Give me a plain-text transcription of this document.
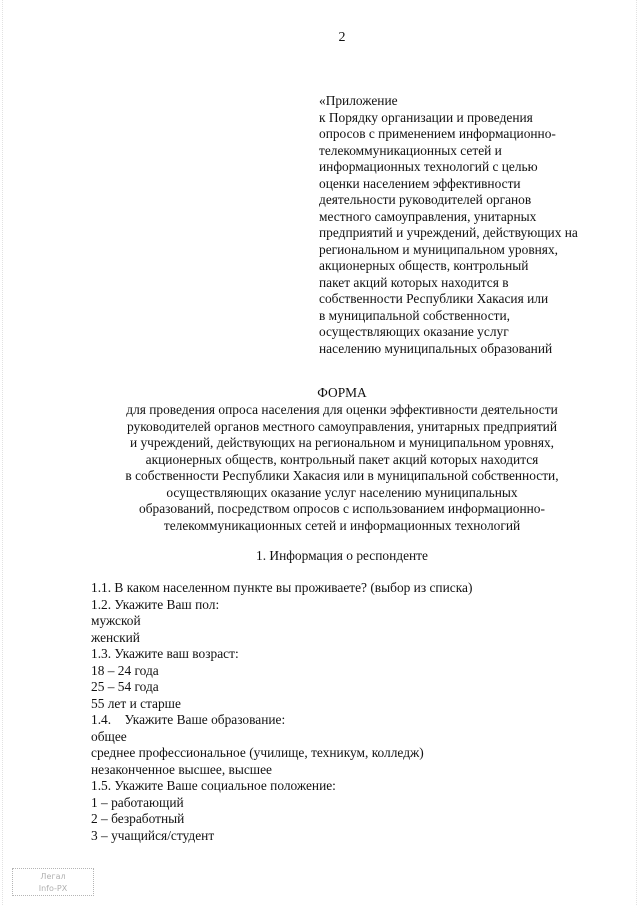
2
«Приложение
к Порядку организации и проведения
опросов с применением информационно-
телекоммуникационных сетей и
информационных технологий с целью
оценки населением эффективности
деятельности руководителей органов
местного самоуправления, унитарных
предприятий и учреждений, действующих на
региональном и муниципальном уровнях,
акционерных обществ, контрольный
пакет акций которых находится в
собственности Республики Хакасия или
в муниципальной собственности,
осуществляющих оказание услуг
населению муниципальных образований
ФОРМА
для проведения опроса населения для оценки эффективности деятельности
руководителей органов местного самоуправления, унитарных предприятий
и учреждений, действующих на региональном и муниципальном уровнях,
акционерных обществ, контрольный пакет акций которых находится
в собственности Республики Хакасия или в муниципальной собственности,
осуществляющих оказание услуг населению муниципальных
образований, посредством опросов с использованием информационно-
телекоммуникационных сетей и информационных технологий
1. Информация о респонденте
1.1. В каком населенном пункте вы проживаете? (выбор из списка)
1.2. Укажите Ваш пол:
мужской
женский
1.3. Укажите ваш возраст:
18 – 24 года
25 – 54 года
55 лет и старше
1.4.    Укажите Ваше образование:
общее
среднее профессиональное (училище, техникум, колледж)
незаконченное высшее, высшее
1.5. Укажите Ваше социальное положение:
1 – работающий
2 – безработный
3 – учащийся/студент
Легал
Info-PX
